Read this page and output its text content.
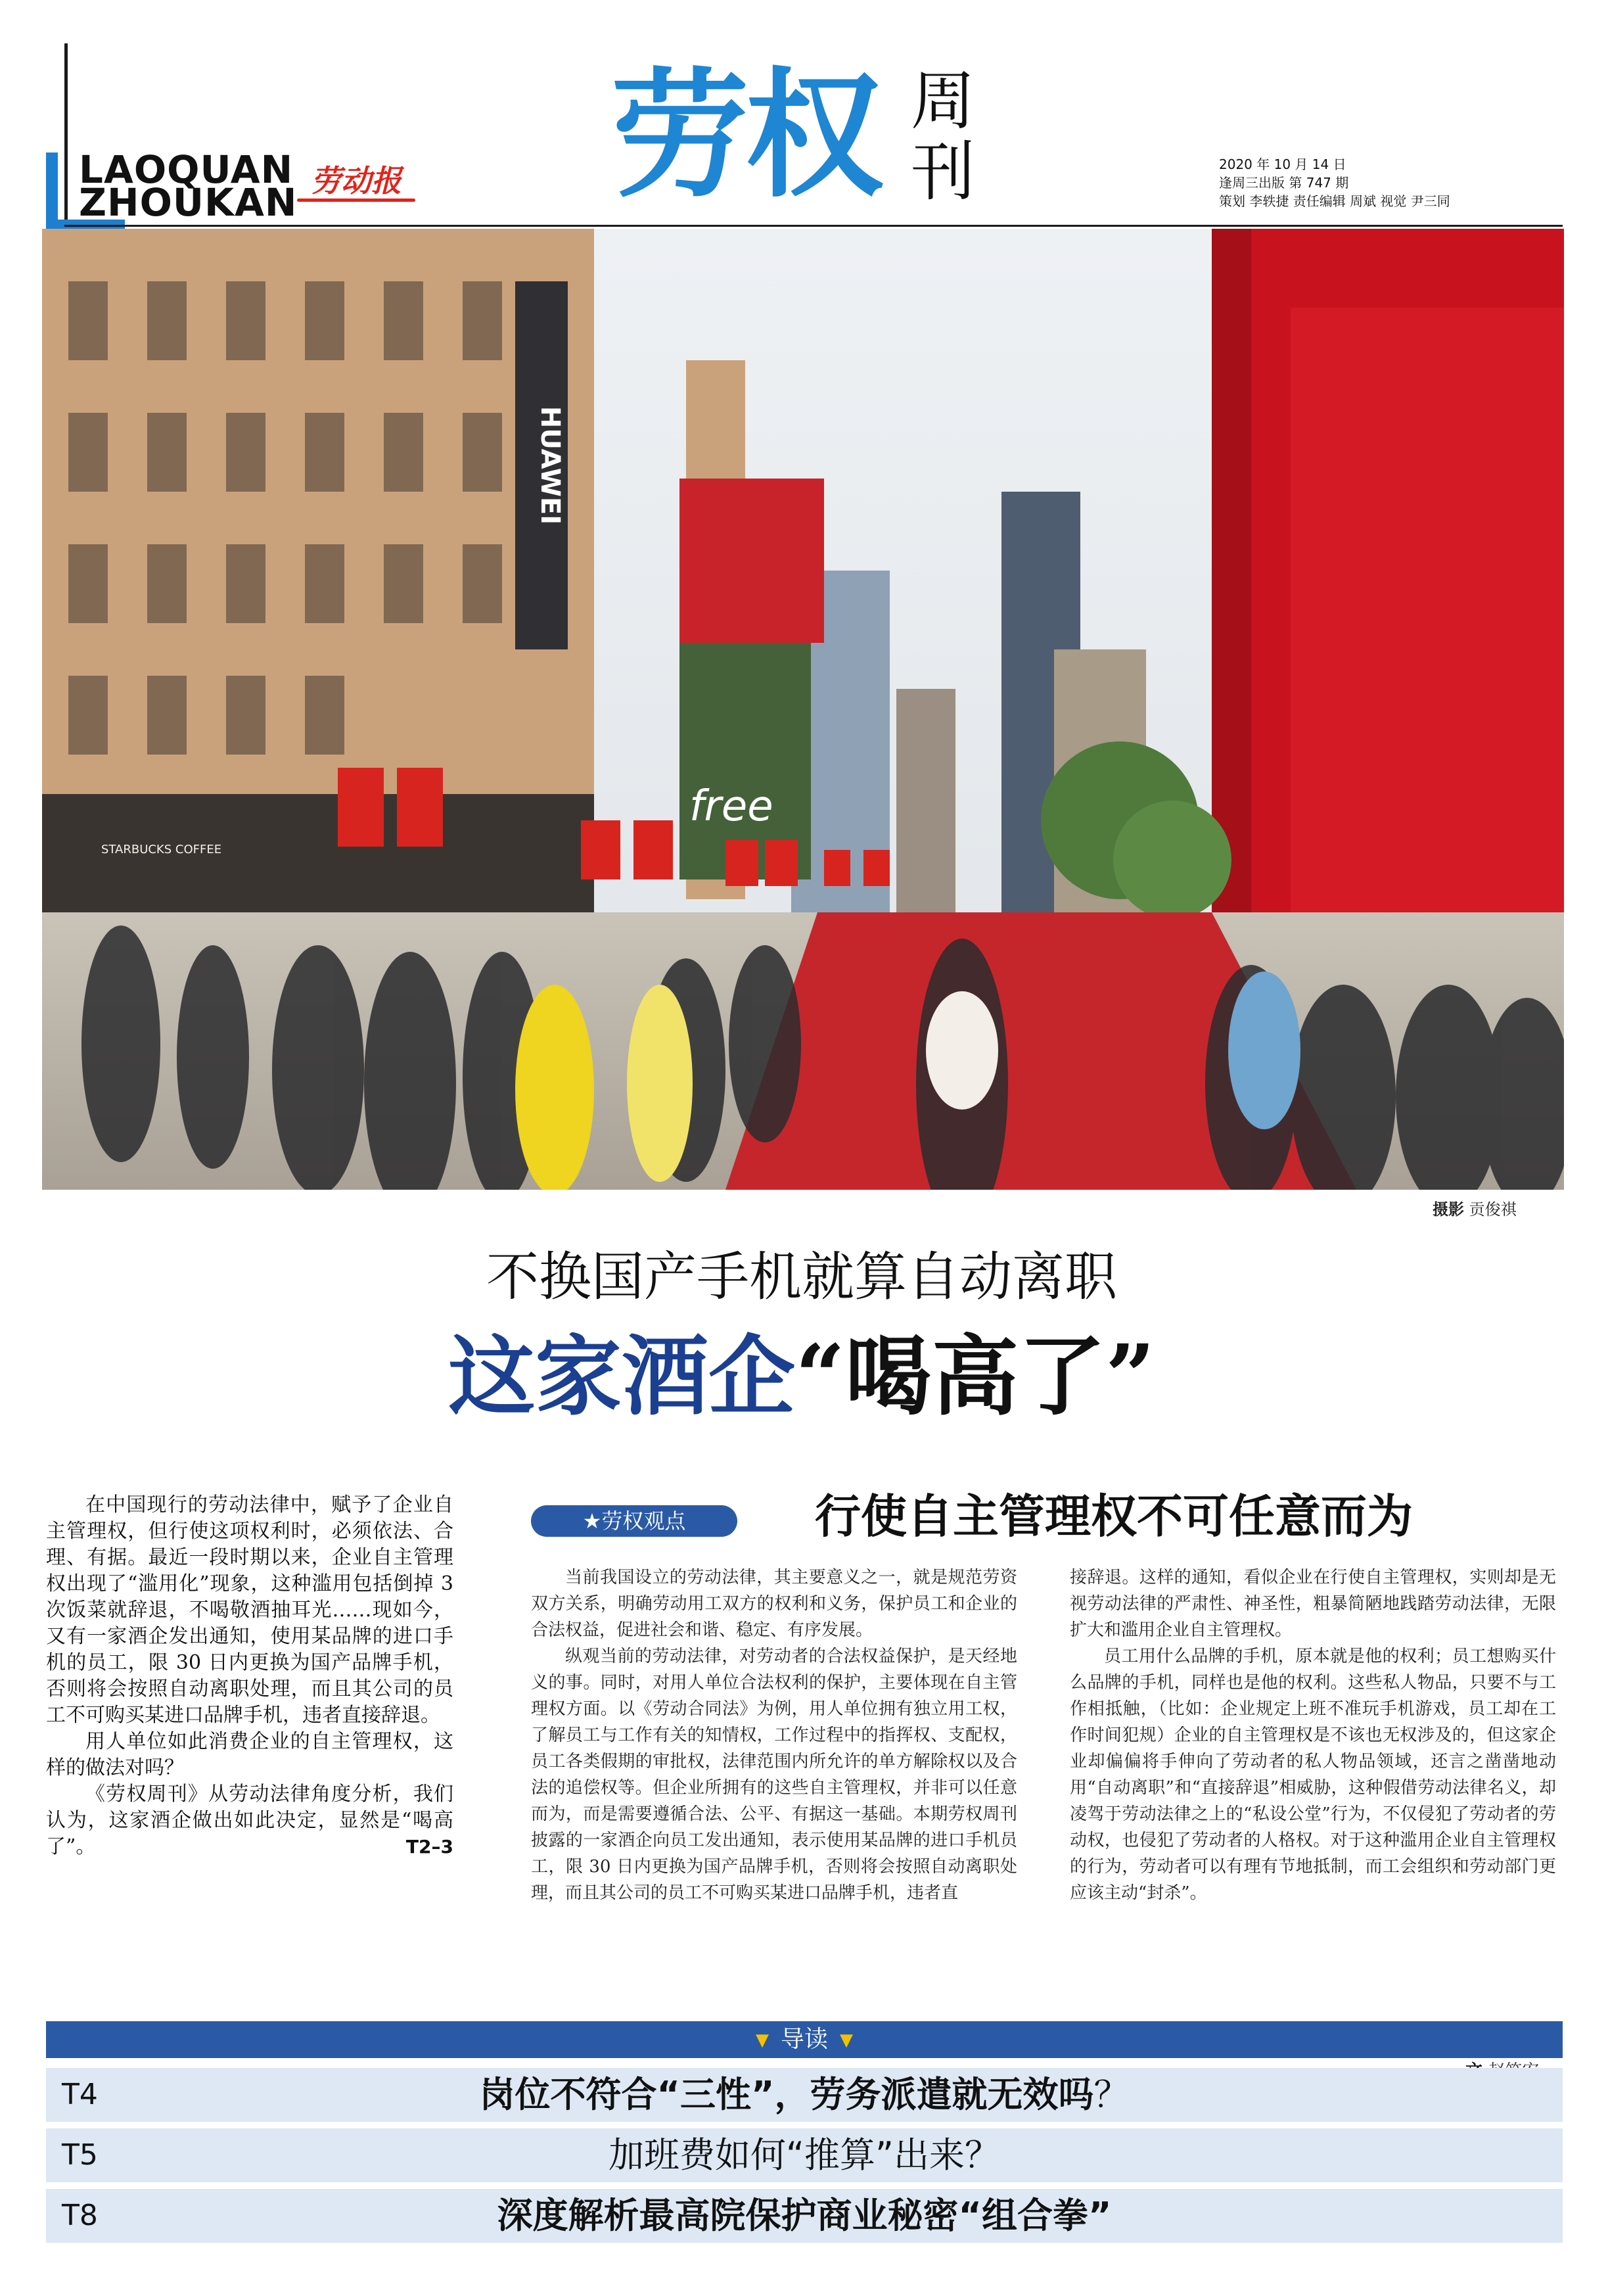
LAOQUAN
ZHOUKAN 劳动报 劳权 周
刊	2020 年 10 月 14 日
逢周三出版 第 747 期
策划 李轶捷 责任编辑 周斌 视觉 尹三同
HUAWEI
STARBUCKS COFFEE
free
摄影 贡俊祺
不换国产手机就算自动离职
这家酒企“喝高了”

在中国现行的劳动法律中，赋予了企业自主管理权，但行使这项权利时，必须依法、合理、有据。最近一段时期以来，企业自主管理权出现了“滥用化”现象，这种滥用包括倒掉 3 次饭菜就辞退，不喝敬酒抽耳光……现如今，又有一家酒企发出通知，使用某品牌的进口手机的员工，限 30 日内更换为国产品牌手机，否则将会按照自动离职处理，而且其公司的员工不可购买某进口品牌手机，违者直接辞退。

用人单位如此消费企业的自主管理权，这样的做法对吗？

《劳权周刊》从劳动法律角度分析，我们认为，这家酒企做出如此决定，显然是“喝高了”。	T2–3

★劳权观点	行使自主管理权不可任意而为

当前我国设立的劳动法律，其主要意义之一，就是规范劳资双方关系，明确劳动用工双方的权利和义务，保护员工和企业的合法权益，促进社会和谐、稳定、有序发展。

纵观当前的劳动法律，对劳动者的合法权益保护，是天经地义的事。同时，对用人单位合法权利的保护，主要体现在自主管理权方面。以《劳动合同法》为例，用人单位拥有独立用工权，了解员工与工作有关的知情权，工作过程中的指挥权、支配权，员工各类假期的审批权，法律范围内所允许的单方解除权以及合法的追偿权等。但企业所拥有的这些自主管理权，并非可以任意而为，而是需要遵循合法、公平、有据这一基础。本期劳权周刊披露的一家酒企向员工发出通知，表示使用某品牌的进口手机员工，限 30 日内更换为国产品牌手机，否则将会按照自动离职处理，而且其公司的员工不可购买某进口品牌手机，违者直

接辞退。这样的通知，看似企业在行使自主管理权，实则却是无视劳动法律的严肃性、神圣性，粗暴简陋地践踏劳动法律，无限扩大和滥用企业自主管理权。

员工用什么品牌的手机，原本就是他的权利；员工想购买什么品牌的手机，同样也是他的权利。这些私人物品，只要不与工作相抵触，（比如：企业规定上班不准玩手机游戏，员工却在工作时间犯规）企业的自主管理权是不该也无权涉及的，但这家企业却偏偏将手伸向了劳动者的私人物品领域，还言之凿凿地动用“自动离职”和“直接辞退”相威胁，这种假借劳动法律名义，却凌驾于劳动法律之上的“私设公堂”行为，不仅侵犯了劳动者的劳动权，也侵犯了劳动者的人格权。对于这种滥用企业自主管理权的行为，劳动者可以有理有节地抵制，而工会组织和劳动部门更应该主动“封杀”。

▼ 导读 ▼
T4	岗位不符合“三性”，劳务派遣就无效吗？
T5	加班费如何“推算”出来？
T8	深度解析最高院保护商业秘密“组合拳”
